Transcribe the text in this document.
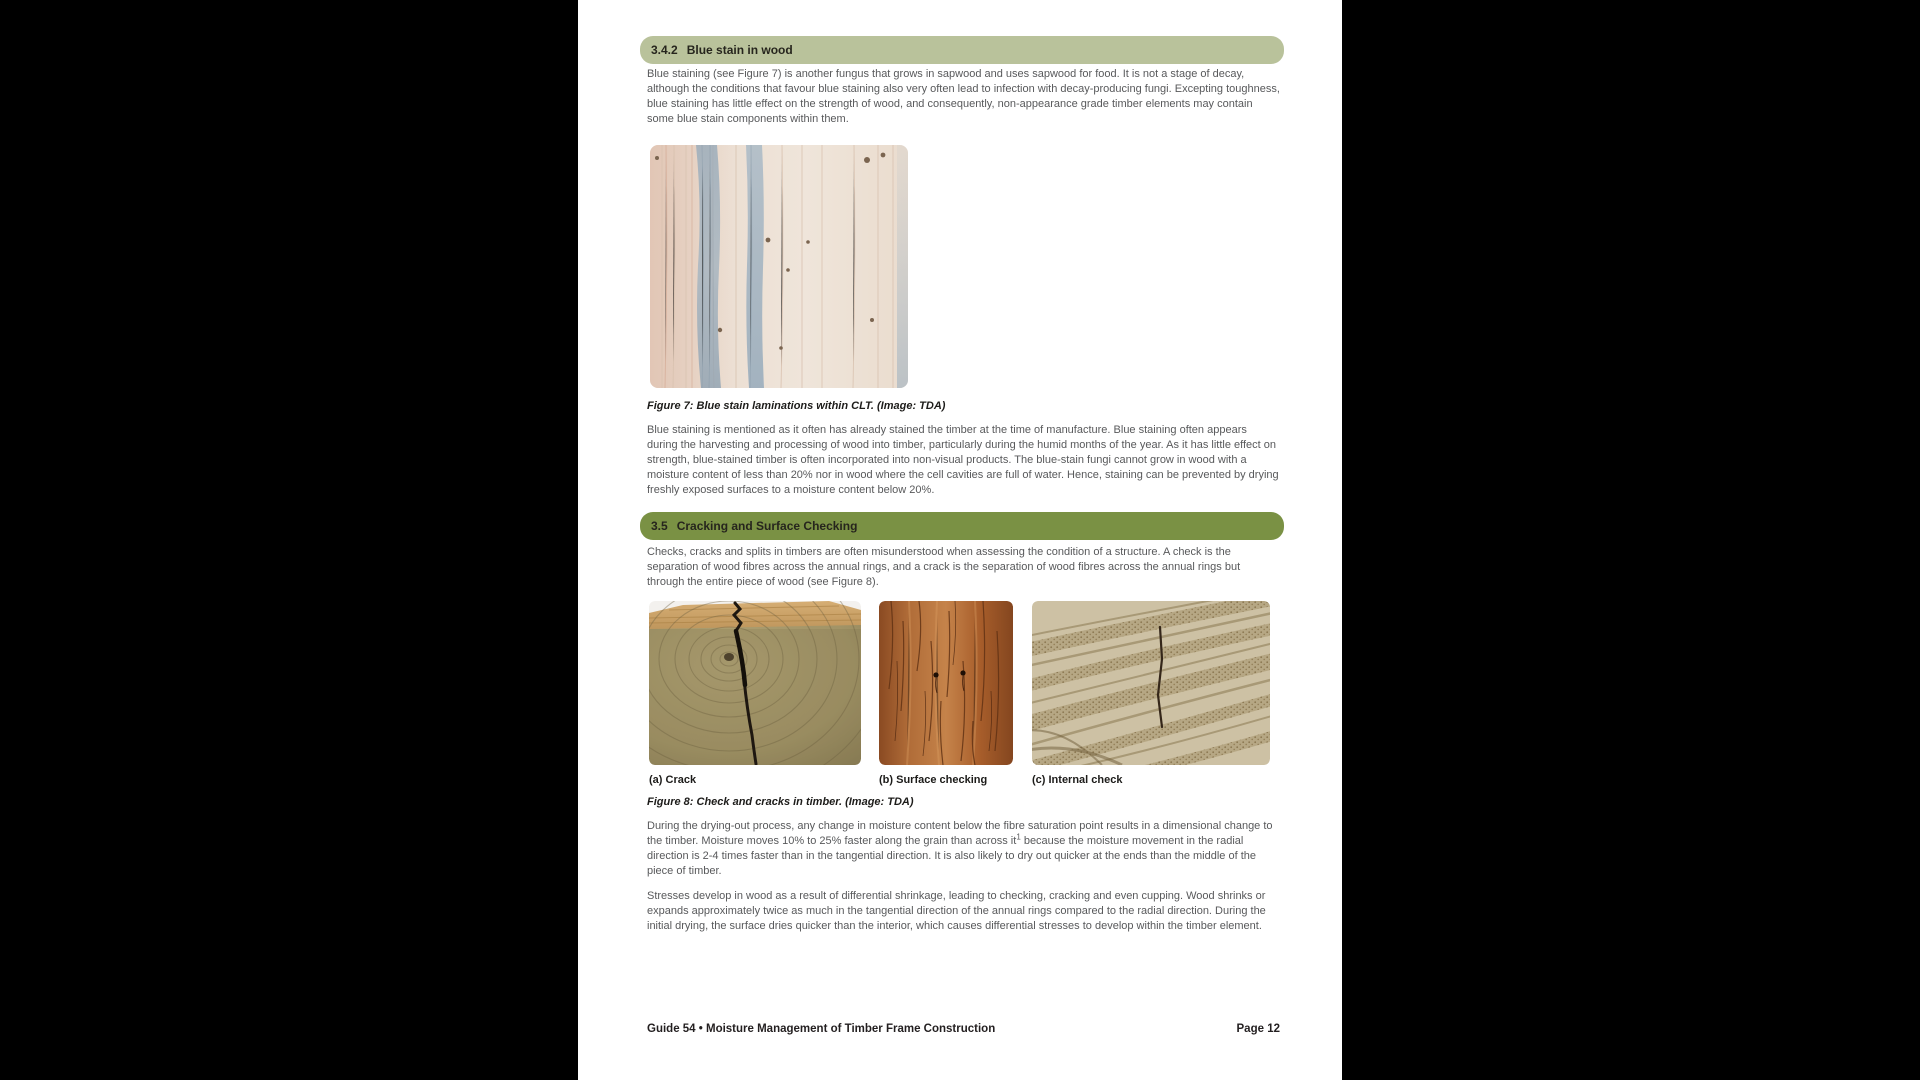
3.4.2 Blue stain in wood
Blue staining (see Figure 7) is another fungus that grows in sapwood and uses sapwood for food. It is not a stage of decay, although the conditions that favour blue staining also very often lead to infection with decay-producing fungi. Excepting toughness, blue staining has little effect on the strength of wood, and consequently, non-appearance grade timber elements may contain some blue stain components within them.
Figure 7: Blue stain laminations within CLT. (Image: TDA)
Blue staining is mentioned as it often has already stained the timber at the time of manufacture. Blue staining often appears during the harvesting and processing of wood into timber, particularly during the humid months of the year. As it has little effect on strength, blue-stained timber is often incorporated into non-visual products. The blue-stain fungi cannot grow in wood with a moisture content of less than 20% nor in wood where the cell cavities are full of water. Hence, staining can be prevented by drying freshly exposed surfaces to a moisture content below 20%.
3.5 Cracking and Surface Checking
Checks, cracks and splits in timbers are often misunderstood when assessing the condition of a structure. A check is the separation of wood fibres across the annual rings, and a crack is the separation of wood fibres across the annual rings but through the entire piece of wood (see Figure 8).
(a) Crack	(b) Surface checking	(c) Internal check
Figure 8: Check and cracks in timber. (Image: TDA)
During the drying-out process, any change in moisture content below the fibre saturation point results in a dimensional change to the timber. Moisture moves 10% to 25% faster along the grain than across it$^1$ because the moisture movement in the radial direction is 2-4 times faster than in the tangential direction. It is also likely to dry out quicker at the ends than the middle of the piece of timber.
Stresses develop in wood as a result of differential shrinkage, leading to checking, cracking and even cupping. Wood shrinks or expands approximately twice as much in the tangential direction of the annual rings compared to the radial direction. During the initial drying, the surface dries quicker than the interior, which causes differential stresses to develop within the timber element.
Guide 54 • Moisture Management of Timber Frame Construction	Page 12
